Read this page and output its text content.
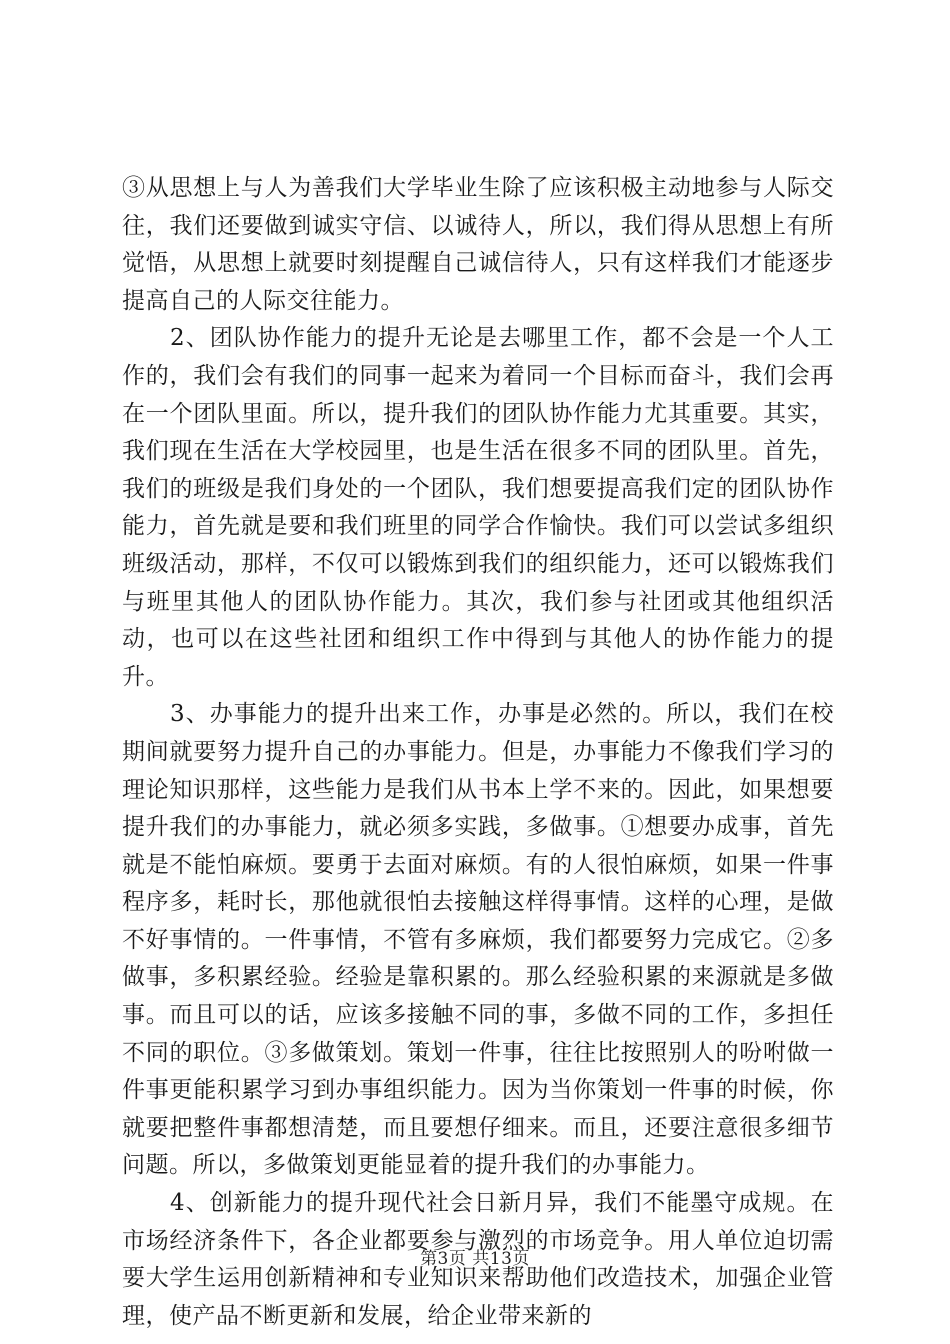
③从思想上与人为善我们大学毕业生除了应该积极主动地参与人际交往，我们还要做到诚实守信、以诚待人，所以，我们得从思想上有所觉悟，从思想上就要时刻提醒自己诚信待人，只有这样我们才能逐步提高自己的人际交往能力。

2、团队协作能力的提升无论是去哪里工作，都不会是一个人工作的，我们会有我们的同事一起来为着同一个目标而奋斗，我们会再在一个团队里面。所以，提升我们的团队协作能力尤其重要。其实，我们现在生活在大学校园里，也是生活在很多不同的团队里。首先，我们的班级是我们身处的一个团队，我们想要提高我们定的团队协作能力，首先就是要和我们班里的同学合作愉快。我们可以尝试多组织班级活动，那样，不仅可以锻炼到我们的组织能力，还可以锻炼我们与班里其他人的团队协作能力。其次，我们参与社团或其他组织活动，也可以在这些社团和组织工作中得到与其他人的协作能力的提升。

3、办事能力的提升出来工作，办事是必然的。所以，我们在校期间就要努力提升自己的办事能力。但是，办事能力不像我们学习的理论知识那样，这些能力是我们从书本上学不来的。因此，如果想要提升我们的办事能力，就必须多实践，多做事。①想要办成事，首先就是不能怕麻烦。要勇于去面对麻烦。有的人很怕麻烦，如果一件事程序多，耗时长，那他就很怕去接触这样得事情。这样的心理，是做不好事情的。一件事情，不管有多麻烦，我们都要努力完成它。②多做事，多积累经验。经验是靠积累的。那么经验积累的来源就是多做事。而且可以的话，应该多接触不同的事，多做不同的工作，多担任不同的职位。③多做策划。策划一件事，往往比按照别人的吩咐做一件事更能积累学习到办事组织能力。因为当你策划一件事的时候，你就要把整件事都想清楚，而且要想仔细来。而且，还要注意很多细节问题。所以，多做策划更能显着的提升我们的办事能力。

4、创新能力的提升现代社会日新月异，我们不能墨守成规。在市场经济条件下，各企业都要参与激烈的市场竞争。用人单位迫切需要大学生运用创新精神和专业知识来帮助他们改造技术，加强企业管理，使产品不断更新和发展，给企业带来新的

第3页 共13页
